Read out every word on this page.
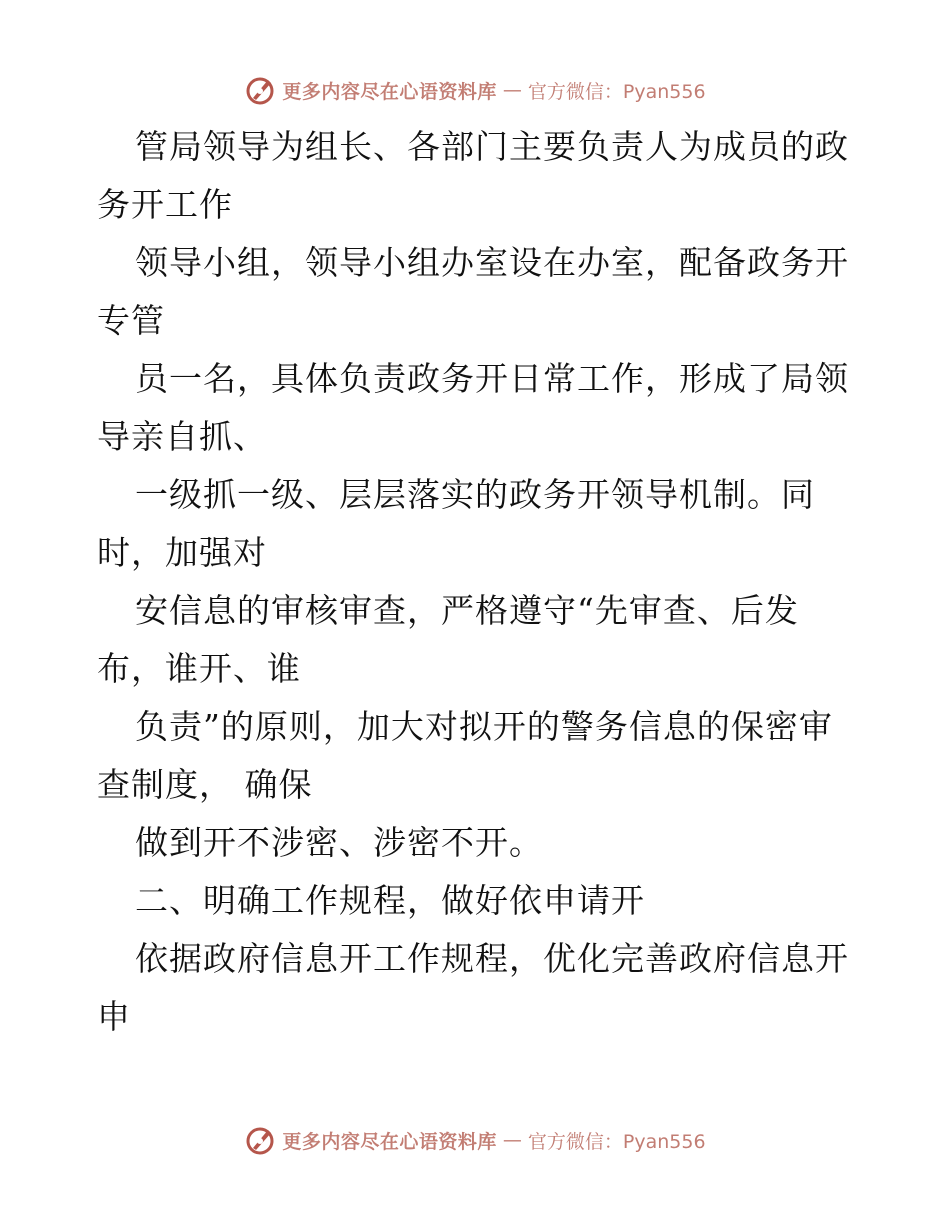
更多内容尽在心语资料库 — 官方微信：Pyan556
管局领导为组长、各部门主要负责人为成员的政
务开工作
领导小组，领导小组办室设在办室，配备政务开
专管
员一名，具体负责政务开日常工作，形成了局领
导亲自抓、
一级抓一级、层层落实的政务开领导机制。同
时，加强对
安信息的审核审查，严格遵守“先审查、后发
布，谁开、谁
负责”的原则，加大对拟开的警务信息的保密审
查制度， 确保
做到开不涉密、涉密不开。
二、明确工作规程，做好依申请开
依据政府信息开工作规程，优化完善政府信息开
申
更多内容尽在心语资料库 — 官方微信：Pyan556
